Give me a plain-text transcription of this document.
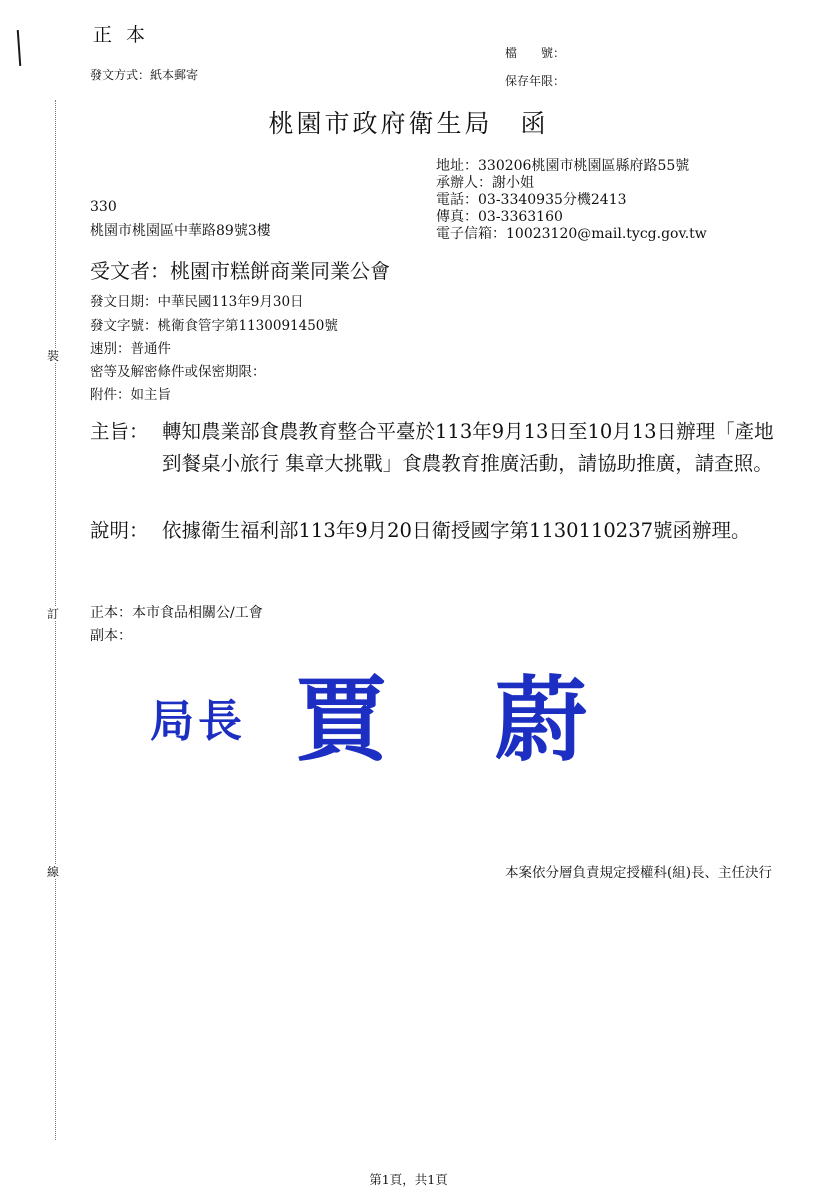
裝
訂
線
正本
發文方式：紙本郵寄
檔　　號：
保存年限：
桃園市政府衛生局 函
地址：330206桃園市桃園區縣府路55號
承辦人：謝小姐
電話：03-3340935分機2413
傳真：03-3363160
電子信箱：10023120@mail.tycg.gov.tw
330
桃園市桃園區中華路89號3樓
受文者：桃園市糕餅商業同業公會
發文日期：中華民國113年9月30日
發文字號：桃衛食管字第1130091450號
速別：普通件
密等及解密條件或保密期限：
附件：如主旨
主旨： 轉知農業部食農教育整合平臺於113年9月13日至10月13日辦理「產地到餐桌小旅行 集章大挑戰」食農教育推廣活動，請協助推廣，請查照。
說明： 依據衛生福利部113年9月20日衛授國字第1130110237號函辦理。
正本：本市食品相關公/工會
副本：
局長 賈 蔚
本案依分層負責規定授權科(組)長、主任決行
第1頁，共1頁
